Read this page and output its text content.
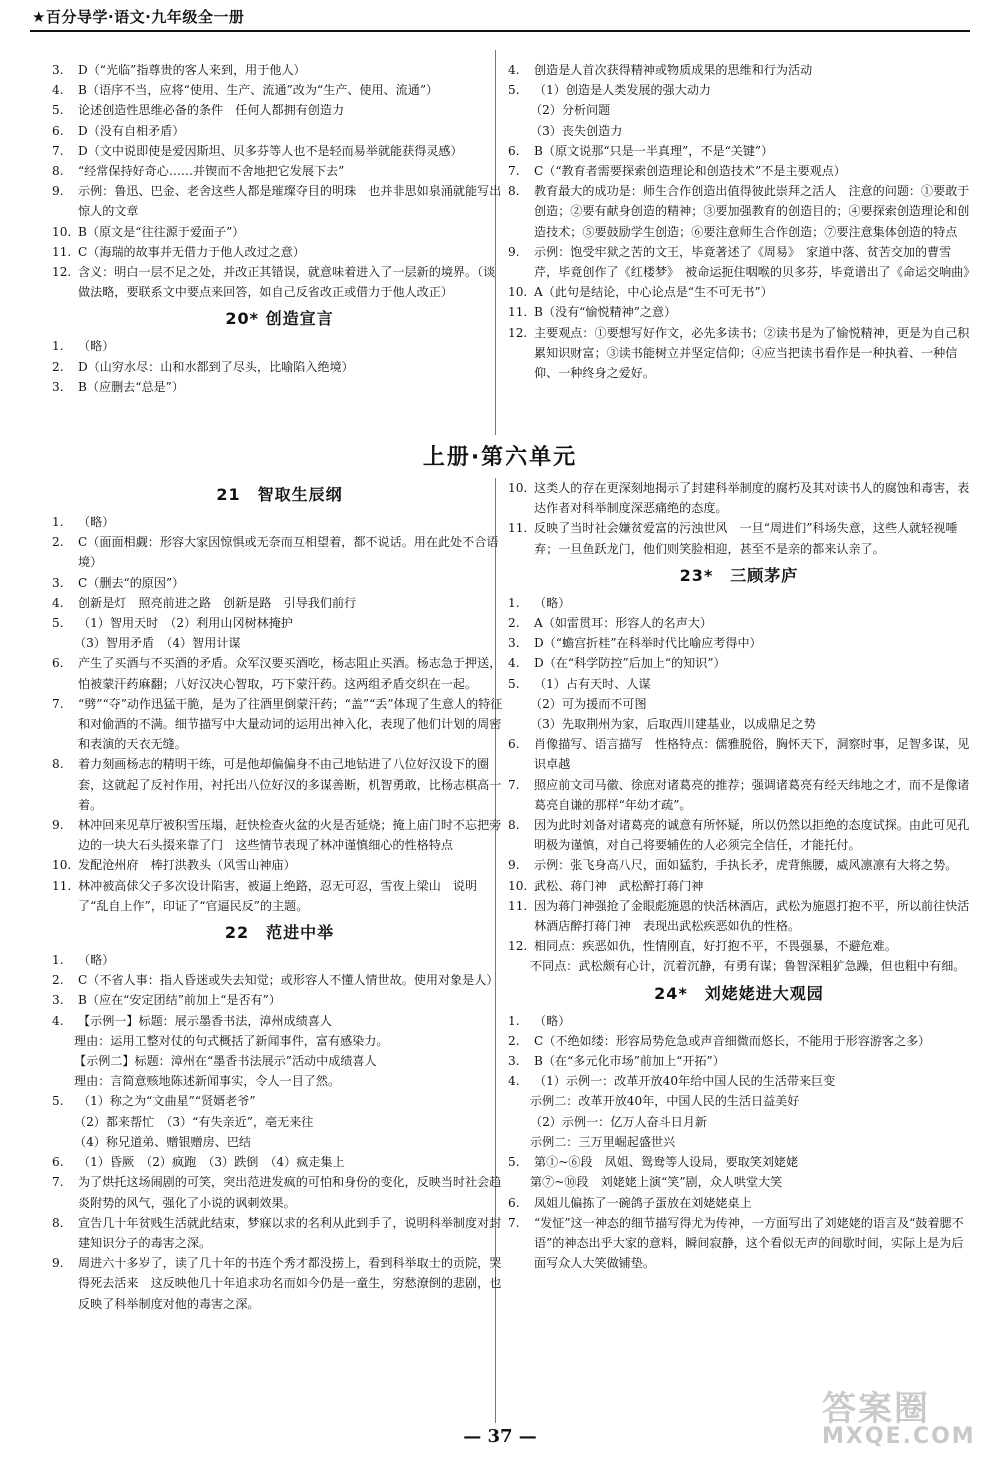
★百分导学·语文·九年级全一册
3.	D（“光临”指尊贵的客人来到，用于他人）
4.	B（语序不当，应将“使用、生产、流通”改为“生产、使用、流通”）
5.	论述创造性思维必备的条件　任何人都拥有创造力
6.	D（没有自相矛盾）
7.	D（文中说即使是爱因斯坦、贝多芬等人也不是轻而易举就能获得灵感）
8.	“经常保持好奇心……并锲而不舍地把它发展下去”
9.	示例：鲁迅、巴金、老舍这些人都是璀璨夺目的明珠　也并非思如泉涌就能写出惊人的文章
10. B（原文是“往往源于爱面子”）
11. C（海瑞的故事并无借力于他人改过之意）
12. 含义：明白一层不足之处，并改正其错误，就意味着进入了一层新的境界。（谈做法略，要联系文中要点来回答，如自己反省改正或借力于他人改正）
20* 创造宣言
1.	（略）
2.	D（山穷水尽：山和水都到了尽头，比喻陷入绝境）
3.	B（应删去“总是”）
4.	创造是人首次获得精神或物质成果的思维和行为活动
5.	（1）创造是人类发展的强大动力
（2）分析问题
（3）丧失创造力
6.	B（原文说那“只是一半真理”，不是“关键”）
7.	C（“教育者需要探索创造理论和创造技术”不是主要观点）
8.	教育最大的成功是：师生合作创造出值得彼此崇拜之活人　注意的问题：①要敢于创造；②要有献身创造的精神；③要加强教育的创造目的；④要探索创造理论和创造技术；⑤要鼓励学生创造；⑥要注意师生合作创造；⑦要注意集体创造的特点
9.	示例：饱受牢狱之苦的文王，毕竟著述了《周易》　家道中落、贫苦交加的曹雪芹，毕竟创作了《红楼梦》　被命运扼住咽喉的贝多芬，毕竟谱出了《命运交响曲》
10. A（此句是结论，中心论点是“生不可无书”）
11. B（没有“愉悦精神”之意）
12. 主要观点：①要想写好作文，必先多读书；②读书是为了愉悦精神，更是为自己积累知识财富；③读书能树立并坚定信仰；④应当把读书看作是一种执着、一种信仰、一种终身之爱好。
上册·第六单元
21　智取生辰纲
1.	（略）
2.	C（面面相觑：形容大家因惊惧或无奈而互相望着，都不说话。用在此处不合语境）
3.	C（删去“的原因”）
4.	创新是灯　照亮前进之路　创新是路　引导我们前行
5.	（1）智用天时　（2）利用山冈树林掩护
（3）智用矛盾　（4）智用计谋
6.	产生了买酒与不买酒的矛盾。众军汉要买酒吃，杨志阻止买酒。杨志急于押送，怕被蒙汗药麻翻；八好汉决心智取，巧下蒙汗药。这两组矛盾交织在一起。
7.	“劈”“夺”动作迅猛干脆，是为了往酒里倒蒙汗药；“盖”“丢”体现了生意人的特征和对偷酒的不满。细节描写中大量动词的运用出神入化，表现了他们计划的周密和表演的天衣无缝。
8.	着力刻画杨志的精明干练，可是他却偏偏身不由己地钻进了八位好汉设下的圈套，这就起了反衬作用，衬托出八位好汉的多谋善断，机智勇敢，比杨志棋高一着。
9.	林冲回来见草厅被积雪压塌，赶快检查火盆的火是否延烧；掩上庙门时不忘把旁边的一块大石头掇来靠了门　这些情节表现了林冲谨慎细心的性格特点
10. 发配沧州府　棒打洪教头（风雪山神庙）
11. 林冲被高俅父子多次设计陷害，被逼上绝路，忍无可忍，雪夜上梁山　说明了“乱自上作”，印证了“官逼民反”的主题。
22　范进中举
1.	（略）
2.	C（不省人事：指人昏迷或失去知觉；或形容人不懂人情世故。使用对象是人）
3.	B（应在“安定团结”前加上“是否有”）
4.	【示例一】标题：展示墨香书法，漳州成绩喜人
理由：运用工整对仗的句式概括了新闻事件，富有感染力。
【示例二】标题：漳州在“墨香书法展示”活动中成绩喜人
理由：言简意赅地陈述新闻事实，令人一目了然。
5.	（1）称之为“文曲星”“贤婿老爷”
（2）都来帮忙　（3）“有失亲近”，亳无来往
（4）称兄道弟、赠银赠房、巴结
6.	（1）昏厥　（2）疯跑　（3）跌倒　（4）疯走集上
7.	为了烘托这场闹剧的可笑，突出范进发疯的可怕和身份的变化，反映当时社会趋炎附势的风气，强化了小说的讽刺效果。
8.	宣告几十年贫贱生活就此结束，梦寐以求的名利从此到手了，说明科举制度对封建知识分子的毒害之深。
9.	周进六十多岁了，读了几十年的书连个秀才都没捞上，看到科举取士的贡院，哭得死去活来　这反映他几十年追求功名而如今仍是一童生，穷愁潦倒的悲剧，也反映了科举制度对他的毒害之深。
10. 这类人的存在更深刻地揭示了封建科举制度的腐朽及其对读书人的腐蚀和毒害，表达作者对科举制度深恶痛绝的态度。
11. 反映了当时社会嫌贫爱富的污浊世风　一旦“周进们”科场失意，这些人就轻视唾弃；一旦鱼跃龙门，他们则笑脸相迎，甚至不是亲的都来认亲了。
23*　三顾茅庐
1.	（略）
2.	A（如雷贯耳：形容人的名声大）
3.	D（“蟾宫折桂”在科举时代比喻应考得中）
4.	D（在“科学防控”后加上“的知识”）
5.	（1）占有天时、人谋
（2）可为援而不可图
（3）先取荆州为家，后取西川建基业，以成鼎足之势
6.	肖像描写、语言描写　性格特点：儒雅脱俗，胸怀天下，洞察时事，足智多谋，见识卓越
7.	照应前文司马徽、徐庶对诸葛亮的推荐；强调诸葛亮有经天纬地之才，而不是像诸葛亮自谦的那样“年幼才疏”。
8.	因为此时刘备对诸葛亮的诚意有所怀疑，所以仍然以拒绝的态度试探。由此可见孔明极为谨慎，对自己将要辅佐的人必须完全信任，才能托付。
9.	示例：张飞身高八尺，面如猛豹，手执长矛，虎背熊腰，威风凛凛有大将之势。
10. 武松、蒋门神　武松醉打蒋门神
11. 因为蒋门神强抢了金眼彪施恩的快活林酒店，武松为施恩打抱不平，所以前往快活林酒店醉打蒋门神　表现出武松疾恶如仇的性格。
12. 相同点：疾恶如仇，性情刚直，好打抱不平，不畏强暴，不避危难。
不同点：武松颇有心计，沉着沉静，有勇有谋；鲁智深粗犷急躁，但也粗中有细。
24*　刘姥姥进大观园
1.	（略）
2.	C（不绝如缕：形容局势危急或声音细微而悠长，不能用于形容游客之多）
3.	B（在“多元化市场”前加上“开拓”）
4.	（1）示例一：改革开放40年给中国人民的生活带来巨变
示例二：改革开放40年，中国人民的生活日益美好
（2）示例一：亿万人奋斗日月新
示例二：三万里崛起盛世兴
5.	第①~⑥段　凤姐、鸳鸯等人设局，要取笑刘姥姥
第⑦~⑩段　刘姥姥上演“笑”剧，众人哄堂大笑
6.	凤姐儿偏拣了一碗鸽子蛋放在刘姥姥桌上
7.	“发怔”这一神态的细节描写得尤为传神，一方面写出了刘姥姥的语言及“鼓着腮不语”的神态出乎大家的意料，瞬间寂静，这个看似无声的间歇时间，实际上是为后面写众人大笑做铺垫。
— 37 —
答案圈
MXQE.COM
